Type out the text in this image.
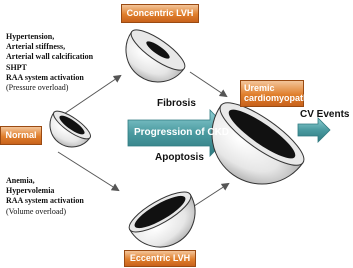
Concentric LVH
Normal
Uremic cardiomyopathy
Eccentric LVH
Hypertension,
Arterial stiffness,
Arterial wall calcification
SHPT
RAA system activation
(Pressure overload)
Anemia,
Hypervolemia
RAA system activation
(Volume overload)
Fibrosis
Progression of CKD
Apoptosis
CV Events
